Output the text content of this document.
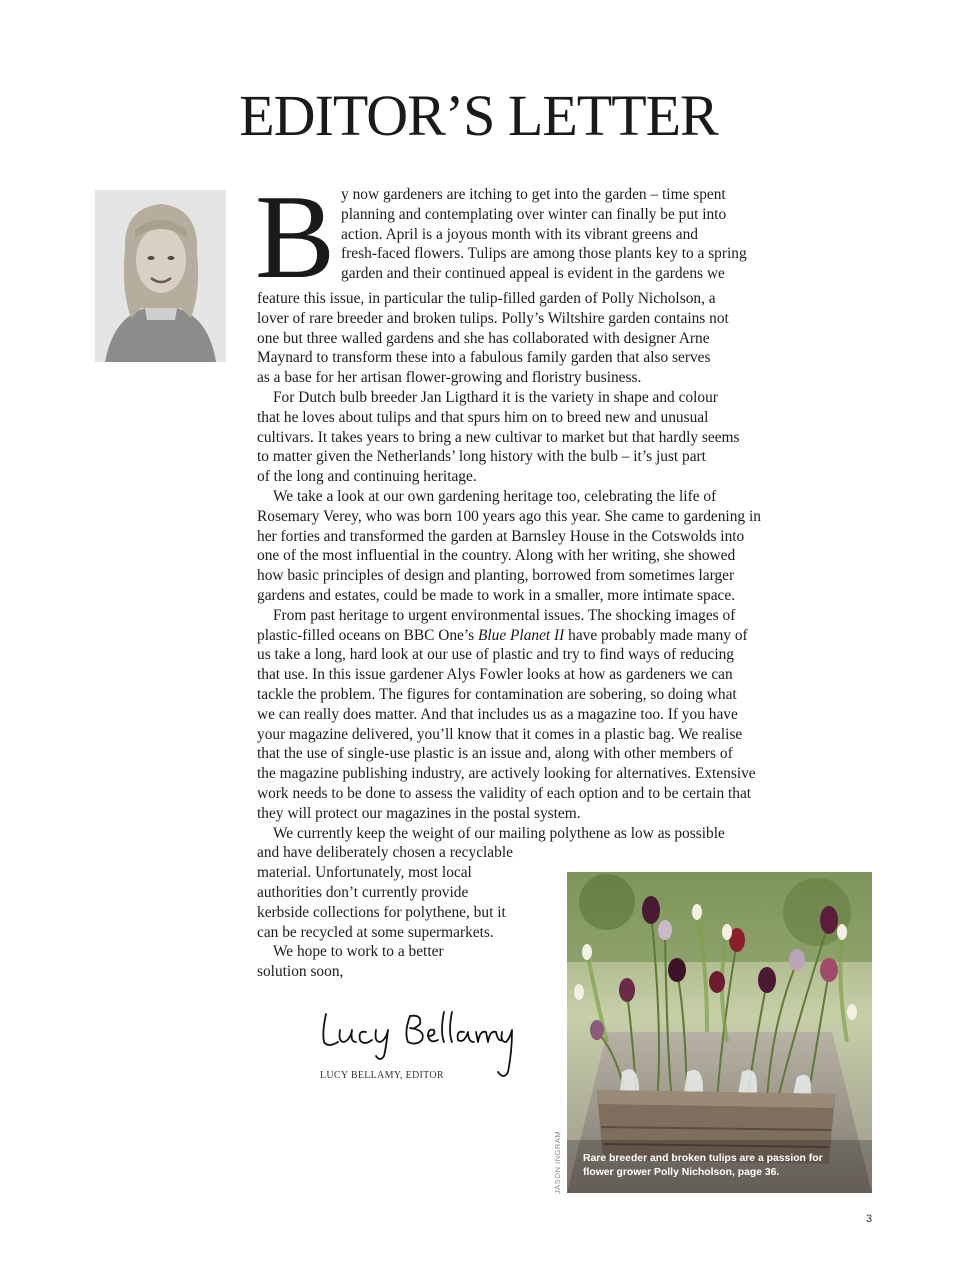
EDITOR’S LETTER
B y now gardeners are itching to get into the garden – time spent
planning and contemplating over winter can finally be put into
action. April is a joyous month with its vibrant greens and
fresh-faced flowers. Tulips are among those plants key to a spring
garden and their continued appeal is evident in the gardens we
feature this issue, in particular the tulip-filled garden of Polly Nicholson, a
lover of rare breeder and broken tulips. Polly’s Wiltshire garden contains not
one but three walled gardens and she has collaborated with designer Arne
Maynard to transform these into a fabulous family garden that also serves
as a base for her artisan flower-growing and floristry business.
For Dutch bulb breeder Jan Ligthard it is the variety in shape and colour
that he loves about tulips and that spurs him on to breed new and unusual
cultivars. It takes years to bring a new cultivar to market but that hardly seems
to matter given the Netherlands’ long history with the bulb – it’s just part
of the long and continuing heritage.
We take a look at our own gardening heritage too, celebrating the life of
Rosemary Verey, who was born 100 years ago this year. She came to gardening in
her forties and transformed the garden at Barnsley House in the Cotswolds into
one of the most influential in the country. Along with her writing, she showed
how basic principles of design and planting, borrowed from sometimes larger
gardens and estates, could be made to work in a smaller, more intimate space.
From past heritage to urgent environmental issues. The shocking images of
plastic-filled oceans on BBC One’s Blue Planet II have probably made many of
us take a long, hard look at our use of plastic and try to find ways of reducing
that use. In this issue gardener Alys Fowler looks at how as gardeners we can
tackle the problem. The figures for contamination are sobering, so doing what
we can really does matter. And that includes us as a magazine too. If you have
your magazine delivered, you’ll know that it comes in a plastic bag. We realise
that the use of single-use plastic is an issue and, along with other members of
the magazine publishing industry, are actively looking for alternatives. Extensive
work needs to be done to assess the validity of each option and to be certain that
they will protect our magazines in the postal system.
We currently keep the weight of our mailing polythene as low as possible
and have deliberately chosen a recyclable
material. Unfortunately, most local
authorities don’t currently provide
kerbside collections for polythene, but it
can be recycled at some supermarkets.
We hope to work to a better
solution soon,
LUCY BELLAMY, EDITOR
Rare breeder and broken tulips are a passion for flower grower Polly Nicholson, page 36.
JASON INGRAM
3
